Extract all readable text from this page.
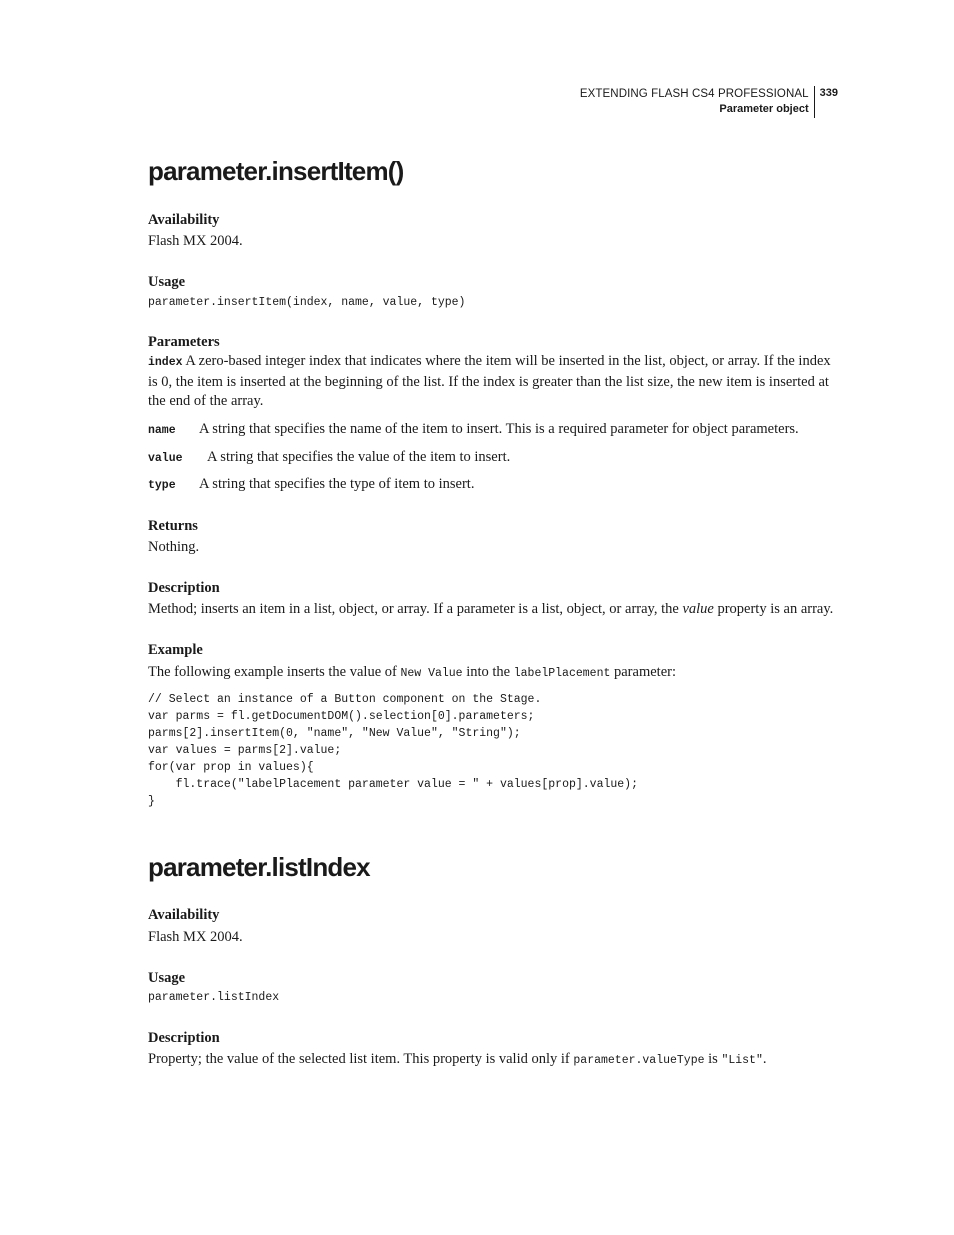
EXTENDING FLASH CS4 PROFESSIONAL
Parameter object
339
parameter.insertItem()

Availability

Flash MX 2004.

Usage

parameter.insertItem(index, name, value, type)

Parameters

index A zero-based integer index that indicates where the item will be inserted in the list, object, or array. If the index is 0, the item is inserted at the beginning of the list. If the index is greater than the list size, the new item is inserted at the end of the array.

name A string that specifies the name of the item to insert. This is a required parameter for object parameters.

value A string that specifies the value of the item to insert.

type A string that specifies the type of item to insert.

Returns

Nothing.

Description

Method; inserts an item in a list, object, or array. If a parameter is a list, object, or array, the value property is an array.

Example

The following example inserts the value of New Value into the labelPlacement parameter:

// Select an instance of a Button component on the Stage.
var parms = fl.getDocumentDOM().selection[0].parameters;
parms[2].insertItem(0, "name", "New Value", "String");
var values = parms[2].value;
for(var prop in values){
fl.trace("labelPlacement parameter value = " + values[prop].value);
}
parameter.listIndex

Availability

Flash MX 2004.

Usage

parameter.listIndex

Description

Property; the value of the selected list item. This property is valid only if parameter.valueType is "List".
